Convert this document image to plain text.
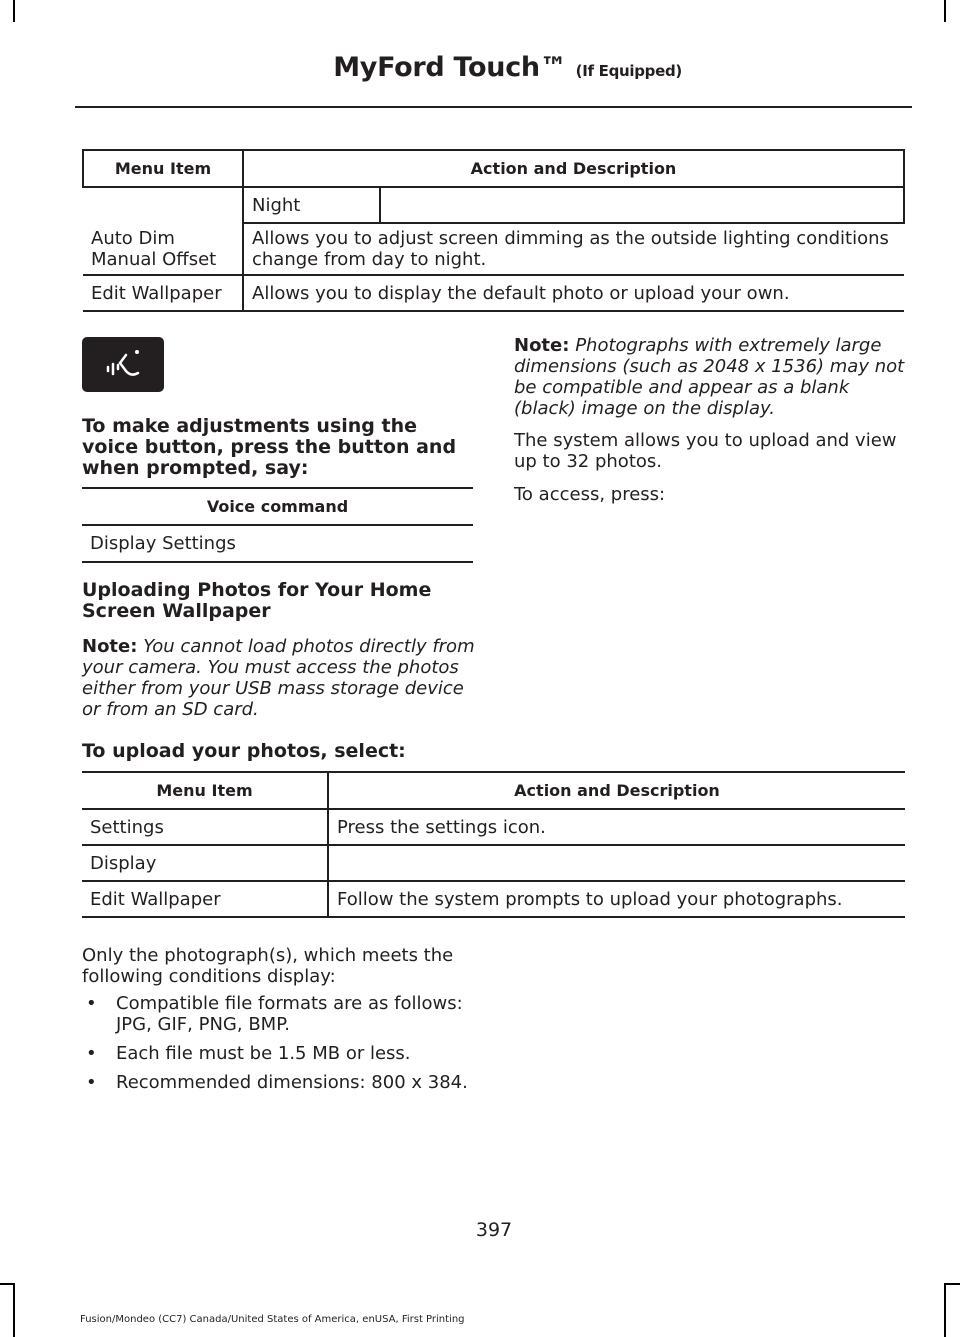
MyFord Touch™ (If Equipped)
Menu Item	Action and Description	
	Night	
Auto Dim
Manual Offset	Allows you to adjust screen dimming as the outside lighting conditions change from day to night.	
Edit Wallpaper	Allows you to display the default photo or upload your own.	

To make adjustments using the voice button, press the button and when prompted, say:

Voice command
Display Settings

Uploading Photos for Your Home Screen Wallpaper

Note: You cannot load photos directly from your camera. You must access the photos either from your USB mass storage device or from an SD card.

Note: Photographs with extremely large dimensions (such as 2048 x 1536) may not be compatible and appear as a blank (black) image on the display.

The system allows you to upload and view up to 32 photos.

To access, press:

To upload your photos, select:

Menu Item	Action and Description
Settings	Press the settings icon.
Display	
Edit Wallpaper	Follow the system prompts to upload your photographs.

Only the photograph(s), which meets the following conditions display:

• Compatible file formats are as follows: JPG, GIF, PNG, BMP.
• Each file must be 1.5 MB or less.
• Recommended dimensions: 800 x 384.
397
Fusion/Mondeo (CC7) Canada/United States of America, enUSA, First Printing
